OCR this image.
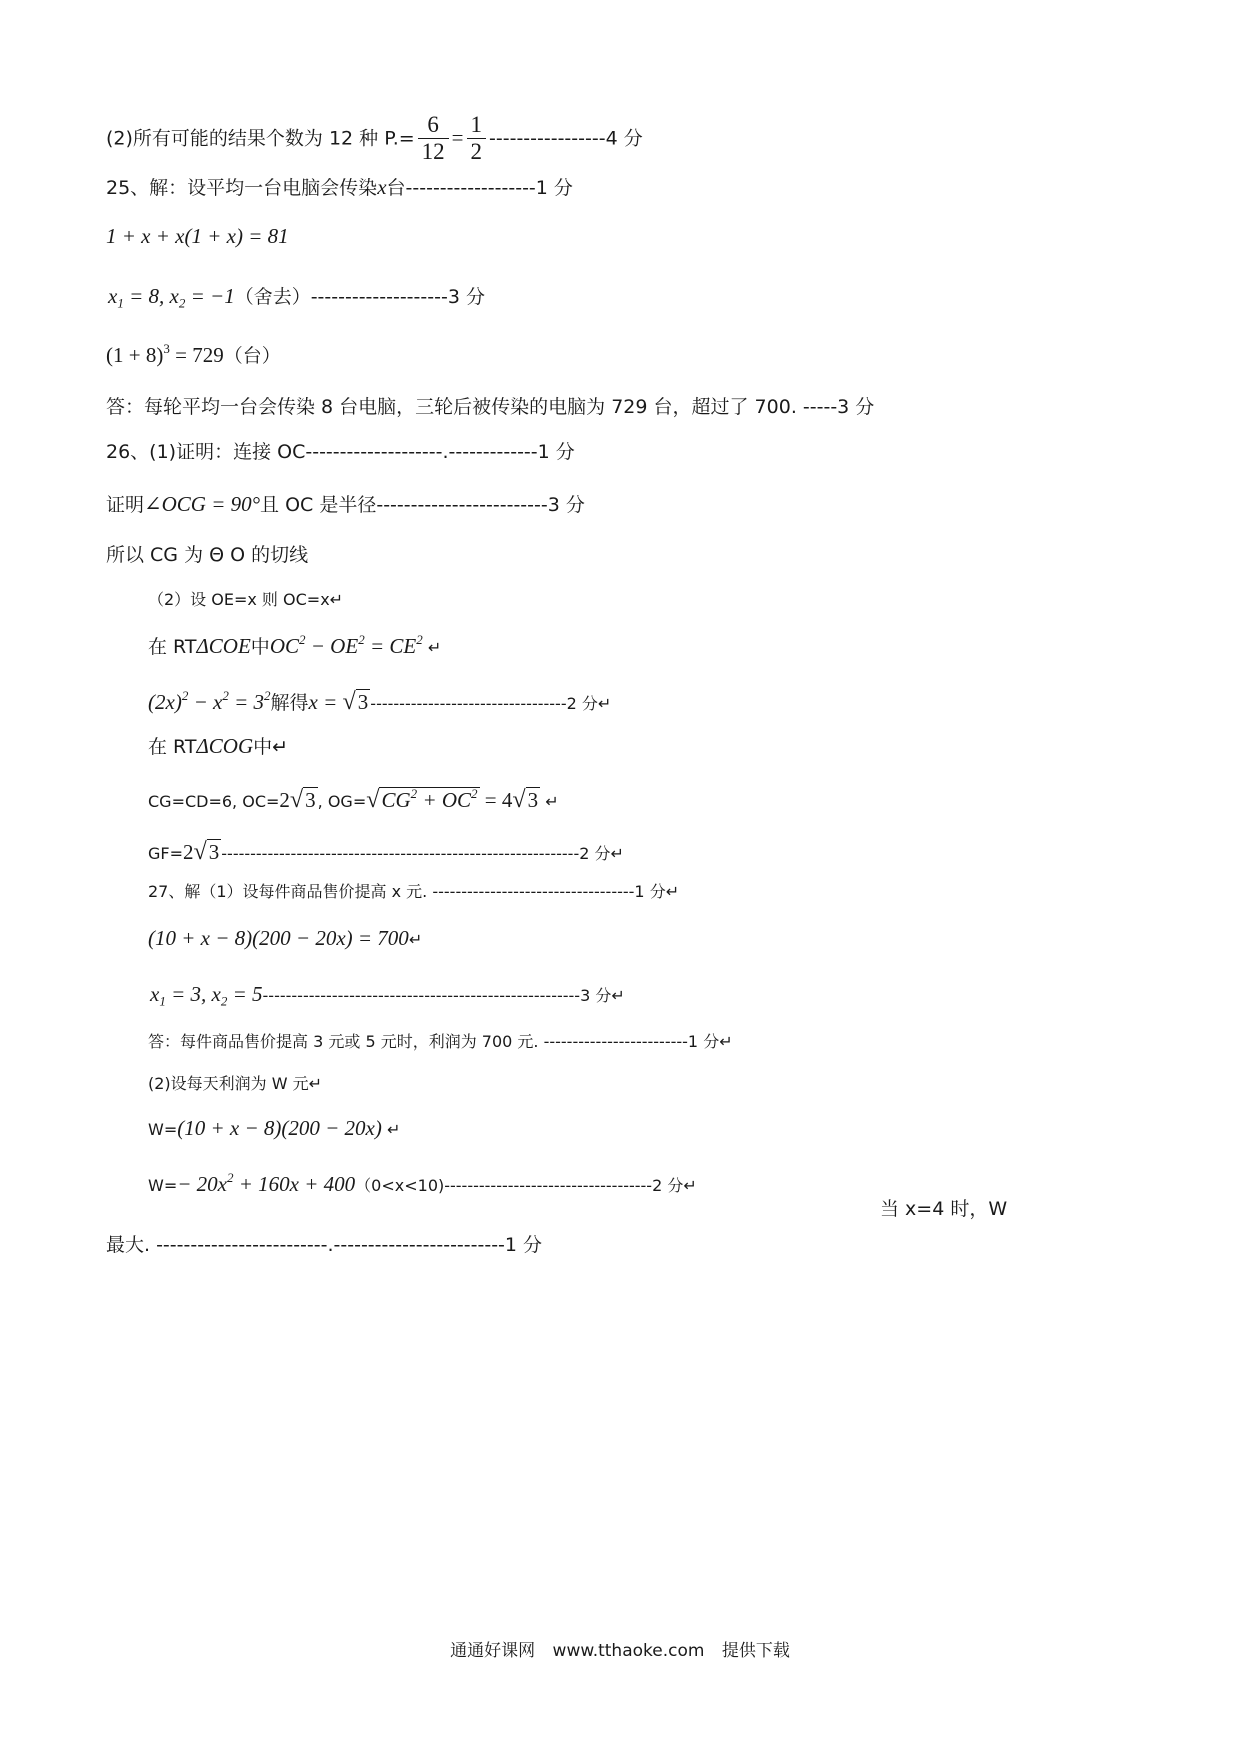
(2)所有可能的结果个数为 12 种 $P.= \frac{6}{12} = \frac{1}{2} -----------------4$ 分
25、解：设平均一台电脑会传染x台-------------------1 分
1 + x + x(1 + x) = 81
$x_1 = 8$, $x_2 = -1$（舍去）--------------------3 分
$(1 + 8)^3 = 729$（台）
答：每轮平均一台会传染 8 台电脑，三轮后被传染的电脑为 729 台，超过了 700. -----3 分
26、(1)证明：连接 OC--------------------.-------------1 分
证明∠OCG = 90°且 OC 是半径-------------------------3 分
所以 CG 为 Θ O 的切线
（2）设 OE=x 则 OC=x↵
在 RTΔCOE中$OC^2 - OE^2 = CE^2$ ↵
$(2x)^2 - x^2 = 3^2$解得x = √3 ----------------------------------2 分↵
在 RTΔCOG中↵
CG=CD=6, OC=2√3 , $OG=√CG^2 + OC^2 = 4√3$ ↵
GF=2√3 --------------------------------------------------------------2 分↵
27、解（1）设每件商品售价提高 x 元. -----------------------------------1 分↵
(10 + x − 8)(200 − 20x) = 700↵
$x_1 = 3$, $x_2 = 5-------------------------------------------------------3$ 分↵
答：每件商品售价提高 3 元或 5 元时，利润为 700 元. -------------------------1 分↵
(2)设每天利润为 W 元↵
W=(10 + x − 8)(200 − 20x) ↵
$W=- 20x^2 + 160x + 400(0<x<10)------------------------------------2$ 分↵
当 x=4 时，W
最大. -------------------------.-------------------------1 分
通通好课网 www.tthaoke.com 提供下载
